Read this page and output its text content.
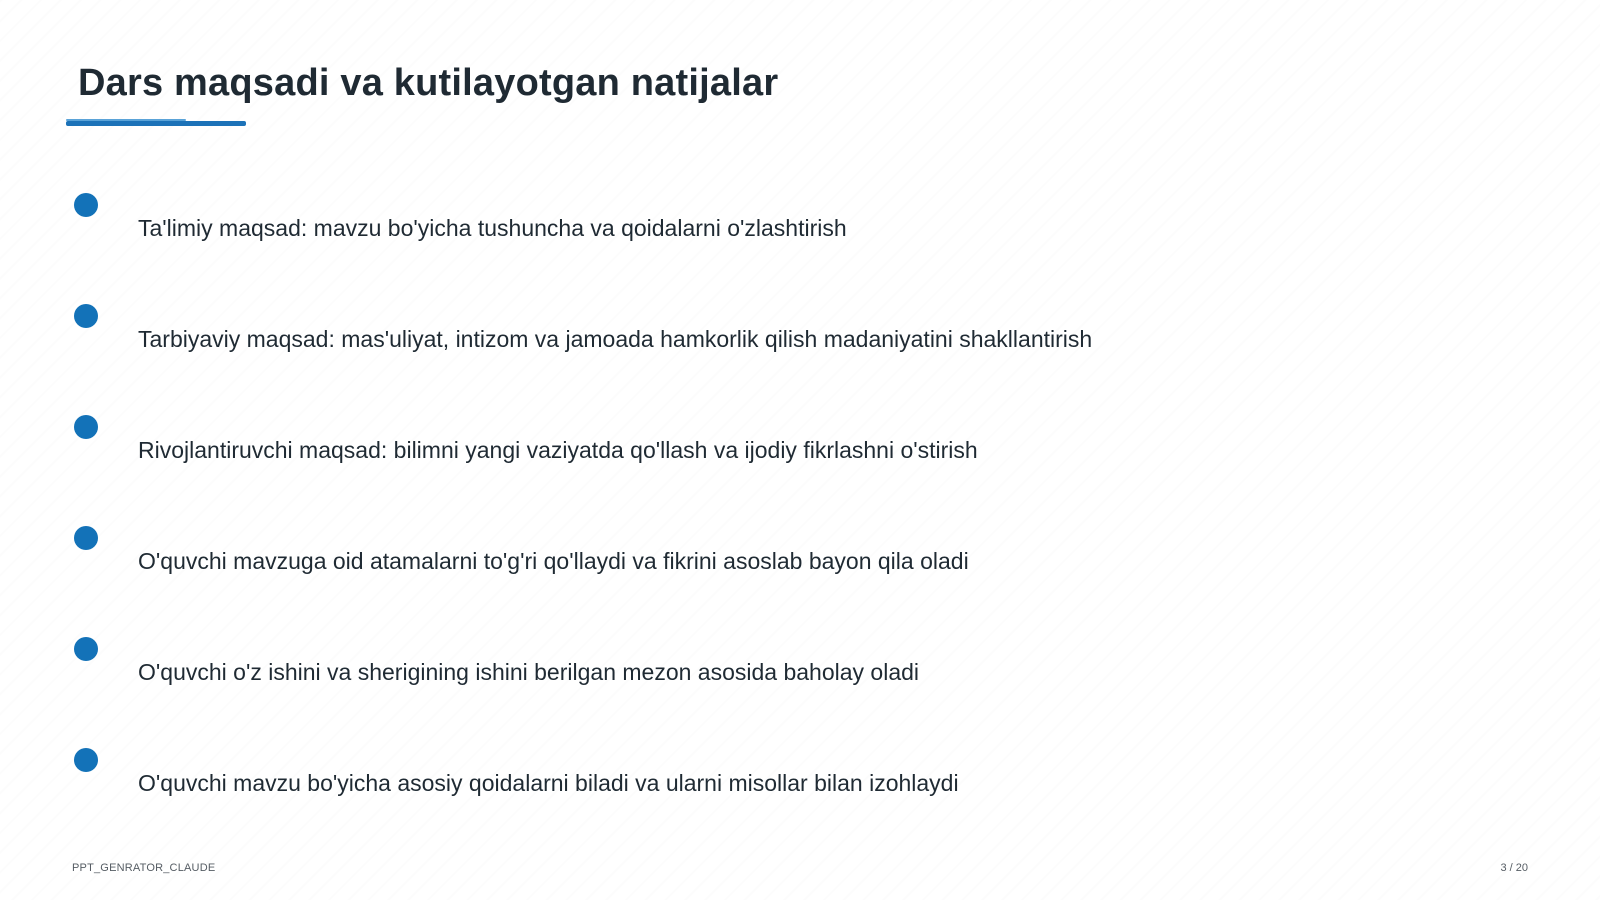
Dars maqsadi va kutilayotgan natijalar
Ta'limiy maqsad: mavzu bo'yicha tushuncha va qoidalarni o'zlashtirish
Tarbiyaviy maqsad: mas'uliyat, intizom va jamoada hamkorlik qilish madaniyatini shakllantirish
Rivojlantiruvchi maqsad: bilimni yangi vaziyatda qo'llash va ijodiy fikrlashni o'stirish
O'quvchi mavzuga oid atamalarni to'g'ri qo'llaydi va fikrini asoslab bayon qila oladi
O'quvchi o'z ishini va sherigining ishini berilgan mezon asosida baholay oladi
O'quvchi mavzu bo'yicha asosiy qoidalarni biladi va ularni misollar bilan izohlaydi
PPT_GENRATOR_CLAUDE	3 / 20
